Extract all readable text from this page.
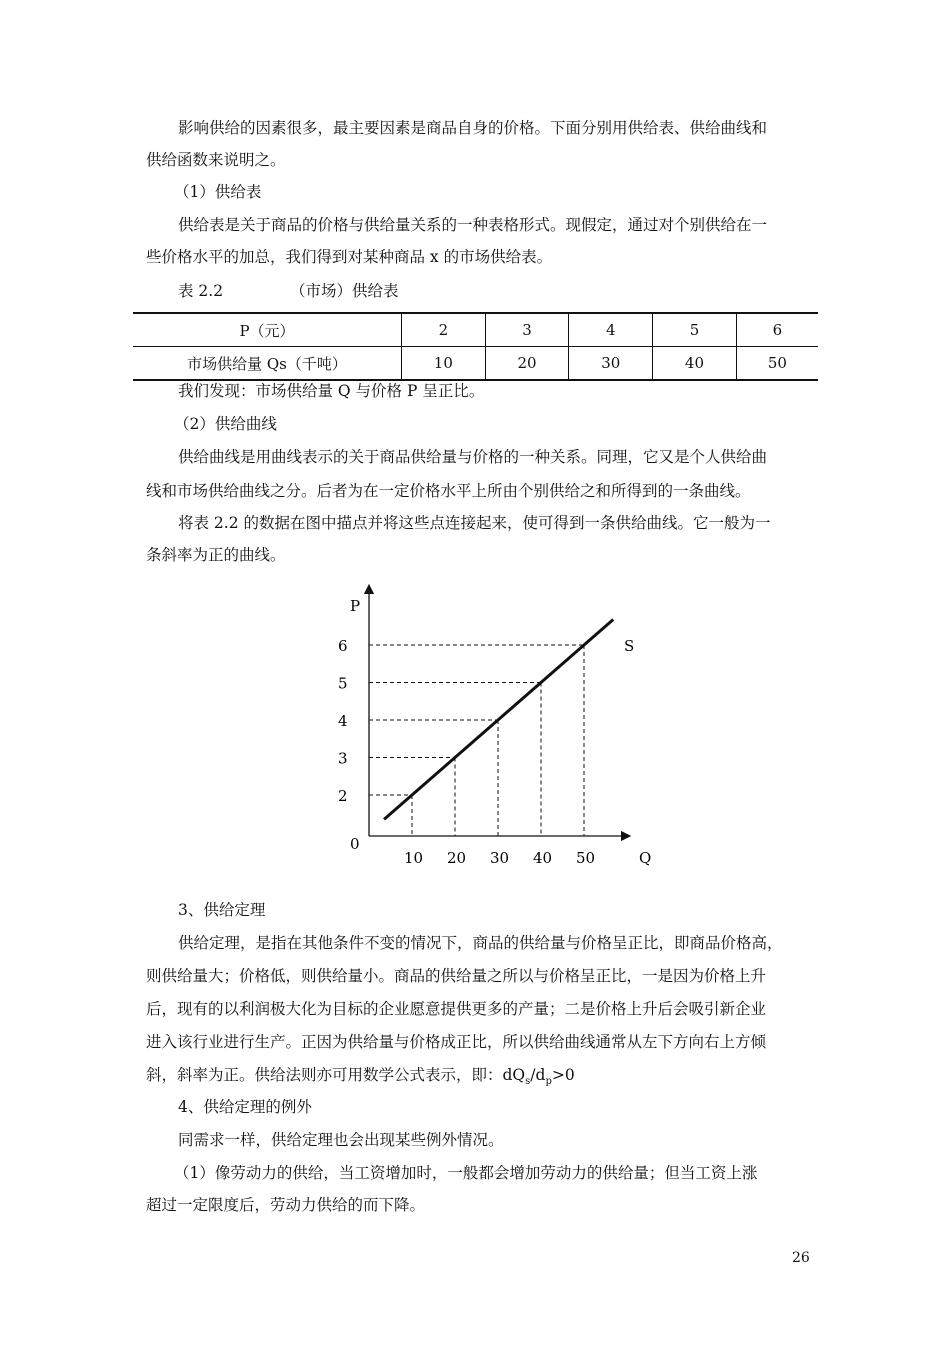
影响供给的因素很多，最主要因素是商品自身的价格。下面分别用供给表、供给曲线和
供给函数来说明之。
（1）供给表
供给表是关于商品的价格与供给量关系的一种表格形式。现假定，通过对个别供给在一
些价格水平的加总，我们得到对某种商品 x 的市场供给表。
表 2.2	（市场）供给表
P（元）	2	3	4	5	6
市场供给量 Qs（千吨）	10	20	30	40	50
我们发现：市场供给量 Q 与价格 P 呈正比。
（2）供给曲线
供给曲线是用曲线表示的关于商品供给量与价格的一种关系。同理，它又是个人供给曲
线和市场供给曲线之分。后者为在一定价格水平上所由个别供给之和所得到的一条曲线。
将表 2.2 的数据在图中描点并将这些点连接起来，使可得到一条供给曲线。它一般为一
条斜率为正的曲线。
10
2
20
3
30
4
40
5
50
6
P
Q
0
S
3、供给定理
供给定理，是指在其他条件不变的情况下，商品的供给量与价格呈正比，即商品价格高，
则供给量大；价格低，则供给量小。商品的供给量之所以与价格呈正比，一是因为价格上升
后，现有的以利润极大化为目标的企业愿意提供更多的产量；二是价格上升后会吸引新企业
进入该行业进行生产。正因为供给量与价格成正比，所以供给曲线通常从左下方向右上方倾
斜，斜率为正。供给法则亦可用数学公式表示，即：$dQ_s/d_p>0$
4、供给定理的例外
同需求一样，供给定理也会出现某些例外情况。
（1）像劳动力的供给，当工资增加时，一般都会增加劳动力的供给量；但当工资上涨
超过一定限度后，劳动力供给的而下降。
26
